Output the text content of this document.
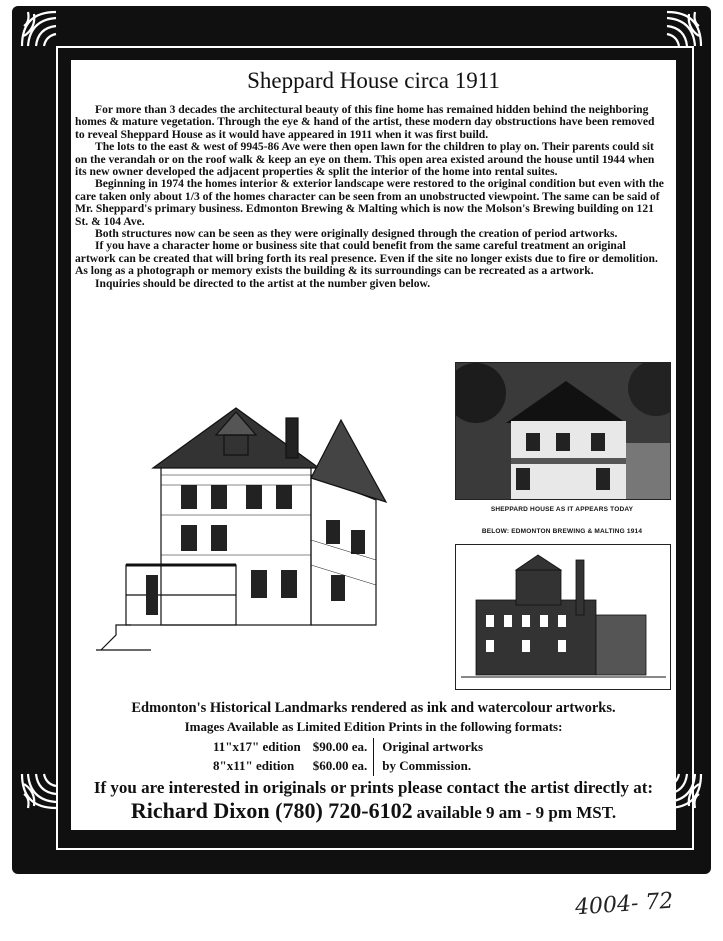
Sheppard House circa 1911

For more than 3 decades the architectural beauty of this fine home has remained hidden behind the neighboring homes & mature vegetation. Through the eye & hand of the artist, these modern day obstructions have been removed to reveal Sheppard House as it would have appeared in 1911 when it was first build.

The lots to the east & west of 9945-86 Ave were then open lawn for the children to play on. Their parents could sit on the verandah or on the roof walk & keep an eye on them. This open area existed around the house until 1944 when its new owner developed the adjacent properties & split the interior of the home into rental suites.

Beginning in 1974 the homes interior & exterior landscape were restored to the original condition but even with the care taken only about 1/3 of the homes character can be seen from an unobstructed viewpoint. The same can be said of Mr. Sheppard's primary business. Edmonton Brewing & Malting which is now the Molson's Brewing building on 121 St. & 104 Ave.

Both structures now can be seen as they were originally designed through the creation of period artworks.

If you have a character home or business site that could benefit from the same careful treatment an original artwork can be created that will bring forth its real presence. Even if the site no longer exists due to fire or demolition. As long as a photograph or memory exists the building & its surroundings can be recreated as a artwork.

Inquiries should be directed to the artist at the number given below.

SHEPPARD HOUSE AS IT APPEARS TODAY
BELOW: EDMONTON BREWING & MALTING 1914
Edmonton's Historical Landmarks rendered as ink and watercolour artworks.
Images Available as Limited Edition Prints in the following formats:
11"x17" edition	$90.00 ea.	Original artworks
8"x11" edition	$60.00 ea.	by Commission.
If you are interested in originals or prints please contact the artist directly at:
Richard Dixon (780) 720-6102 available 9 am - 9 pm MST.
4004- 72
